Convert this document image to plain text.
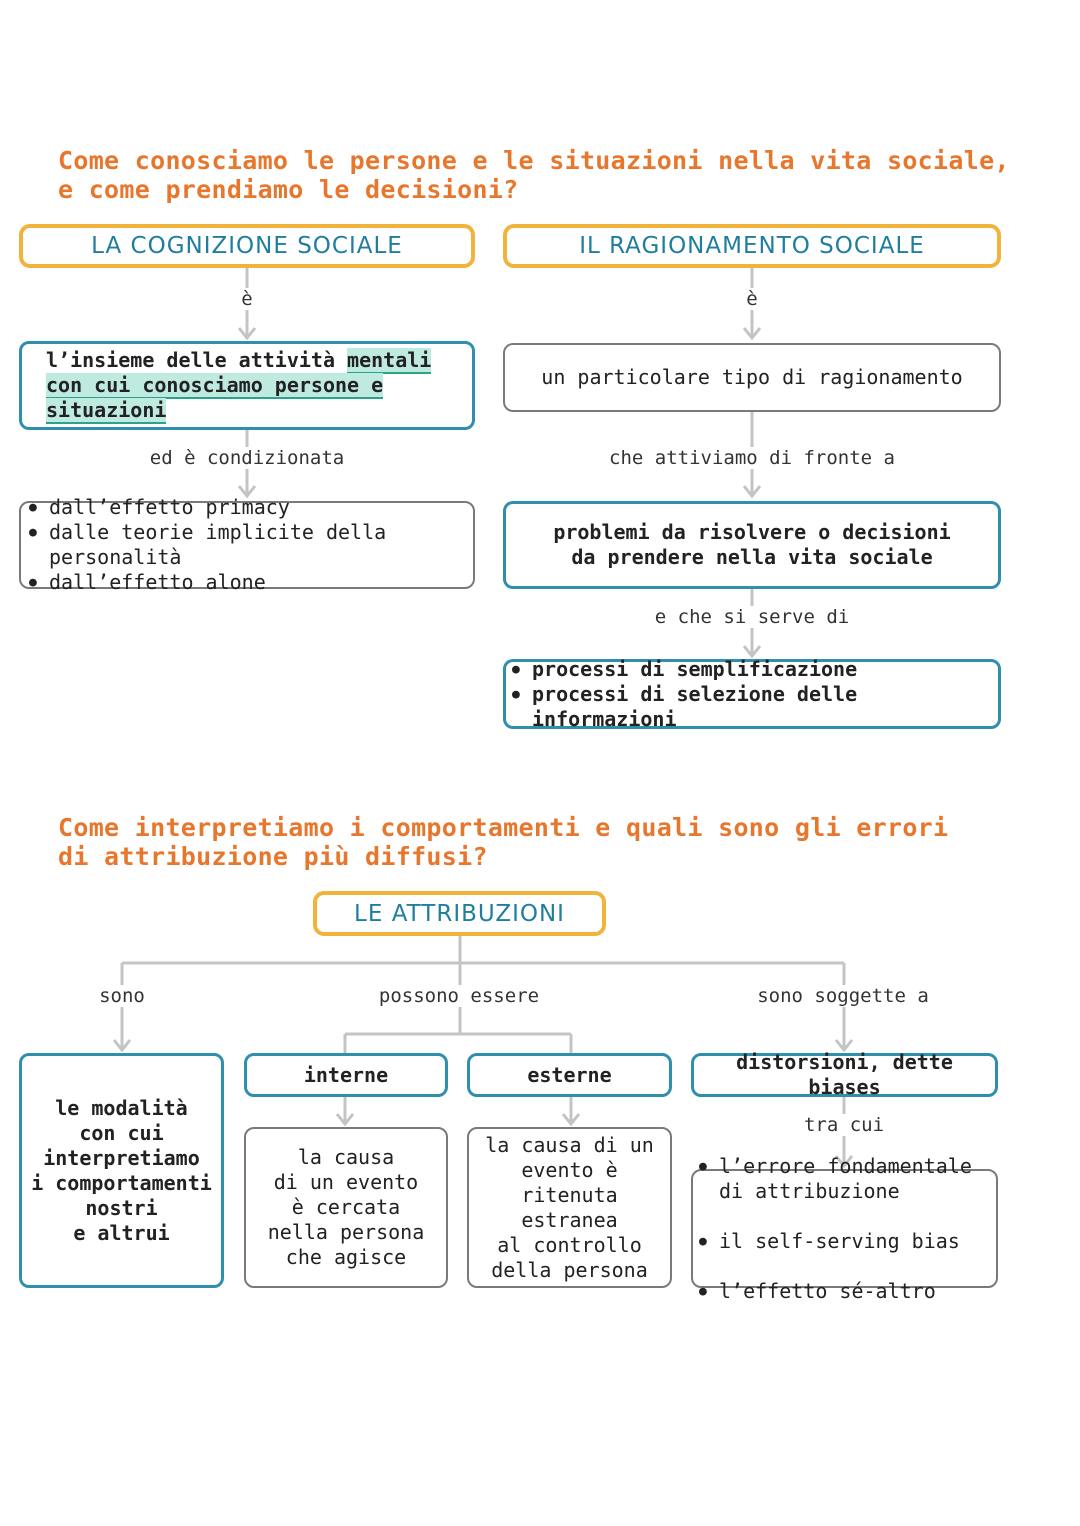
Come conosciamo le persone e le situazioni nella vita sociale,
e come prendiamo le decisioni?

LA COGNIZIONE SOCIALE	IL RAGIONAMENTO SOCIALE
è	è
l’insieme delle attività mentali con cui conosciamo persone e situazioni
un particolare tipo di ragionamento
ed è condizionata	che attiviamo di fronte a
● dall’effetto primacy
● dalle teorie implicite della personalità
● dall’effetto alone
problemi da risolvere o decisioni
da prendere nella vita sociale
e che si serve di
● processi di semplificazione
● processi di selezione delle informazioni

Come interpretiamo i comportamenti e quali sono gli errori
di attribuzione più diffusi?

LE ATTRIBUZIONI
sono	possono essere	sono soggette a
le modalità
con cui
interpretiamo
i comportamenti
nostri
e altrui
interne	esterne
distorsioni, dette biases
la causa
di un evento
è cercata
nella persona
che agisce
la causa di un
evento è ritenuta
estranea
al controllo
della persona
tra cui

● l’errore fondamentale
di attribuzione

● il self-serving bias

● l’effetto sé-altro
